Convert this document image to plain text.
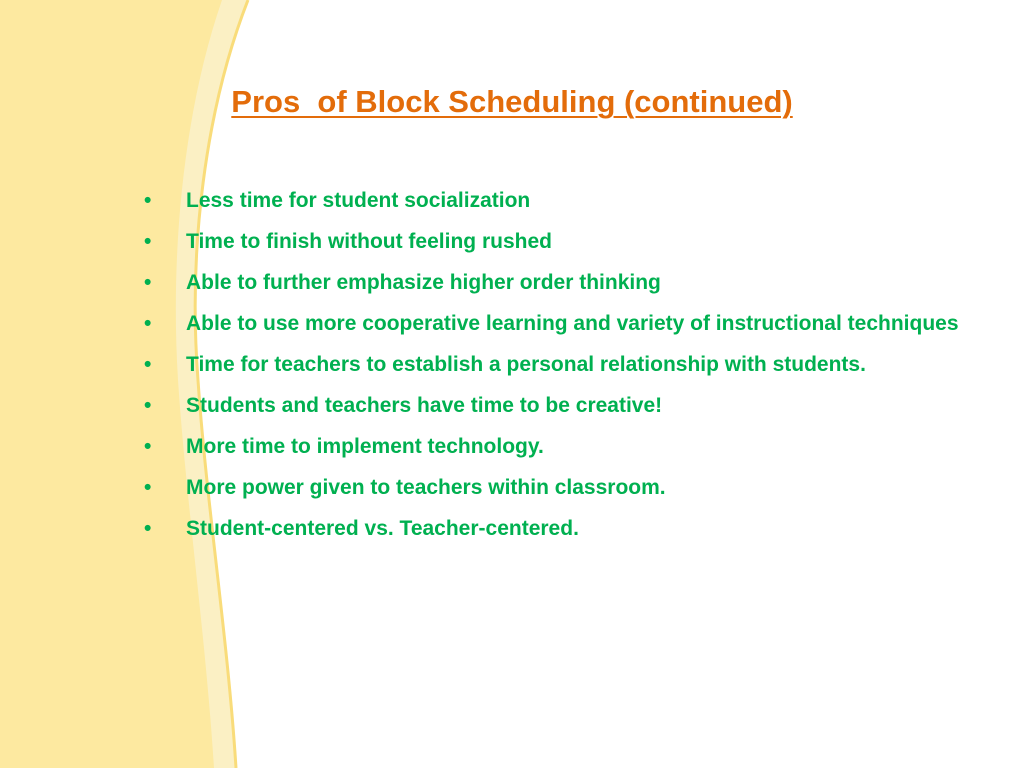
Pros  of Block Scheduling (continued)
•	Less time for student socialization
•	Time to finish without feeling rushed
•	Able to further emphasize higher order thinking
•	Able to use more cooperative learning and variety of instructional techniques
•	Time for teachers to establish a personal relationship with students.
•	Students and teachers have time to be creative!
•	More time to implement technology.
•	More power given to teachers within classroom.
•	Student-centered vs. Teacher-centered.
